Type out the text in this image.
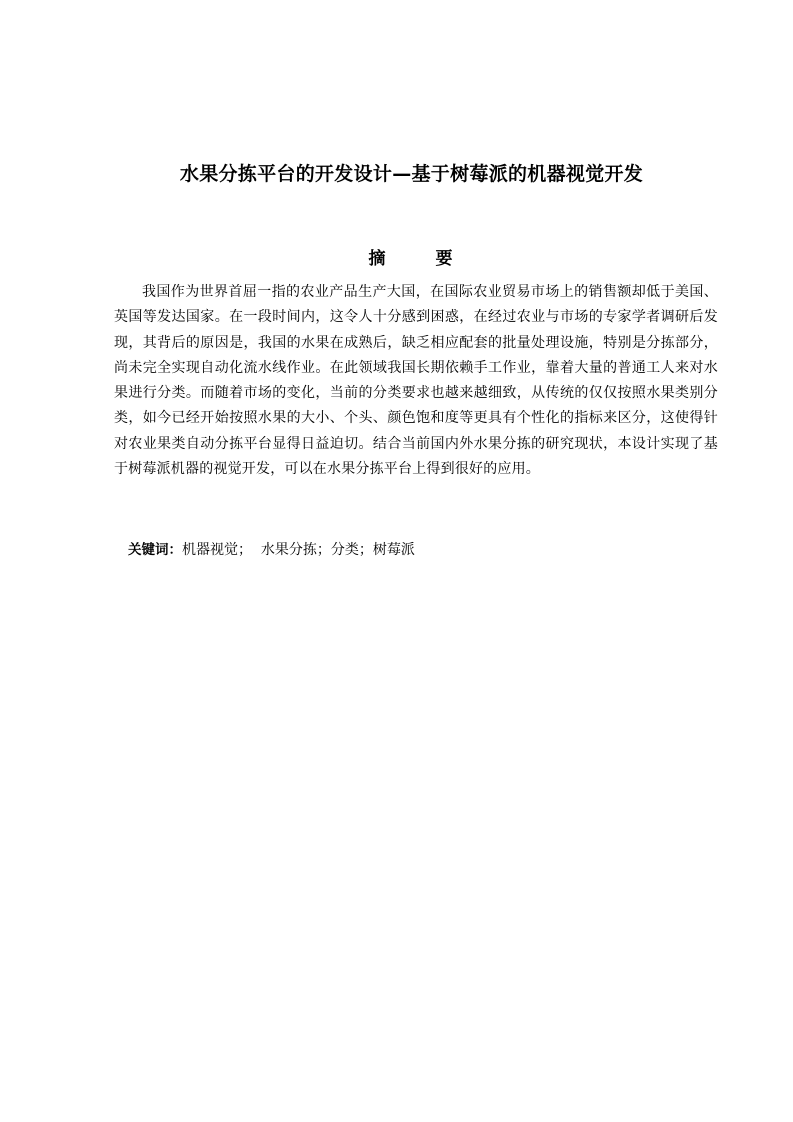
水果分拣平台的开发设计—基于树莓派的机器视觉开发
摘 要

我国作为世界首屈一指的农业产品生产大国，在国际农业贸易市场上的销售额却低于美国、英国等发达国家。在一段时间内，这令人十分感到困惑，在经过农业与市场的专家学者调研后发现，其背后的原因是，我国的水果在成熟后，缺乏相应配套的批量处理设施，特别是分拣部分，尚未完全实现自动化流水线作业。在此领域我国长期依赖手工作业，靠着大量的普通工人来对水果进行分类。而随着市场的变化，当前的分类要求也越来越细致，从传统的仅仅按照水果类别分类，如今已经开始按照水果的大小、个头、颜色饱和度等更具有个性化的指标来区分，这使得针对农业果类自动分拣平台显得日益迫切。结合当前国内外水果分拣的研究现状，本设计实现了基于树莓派机器的视觉开发，可以在水果分拣平台上得到很好的应用。

关键词：机器视觉； 水果分拣；分类；树莓派
